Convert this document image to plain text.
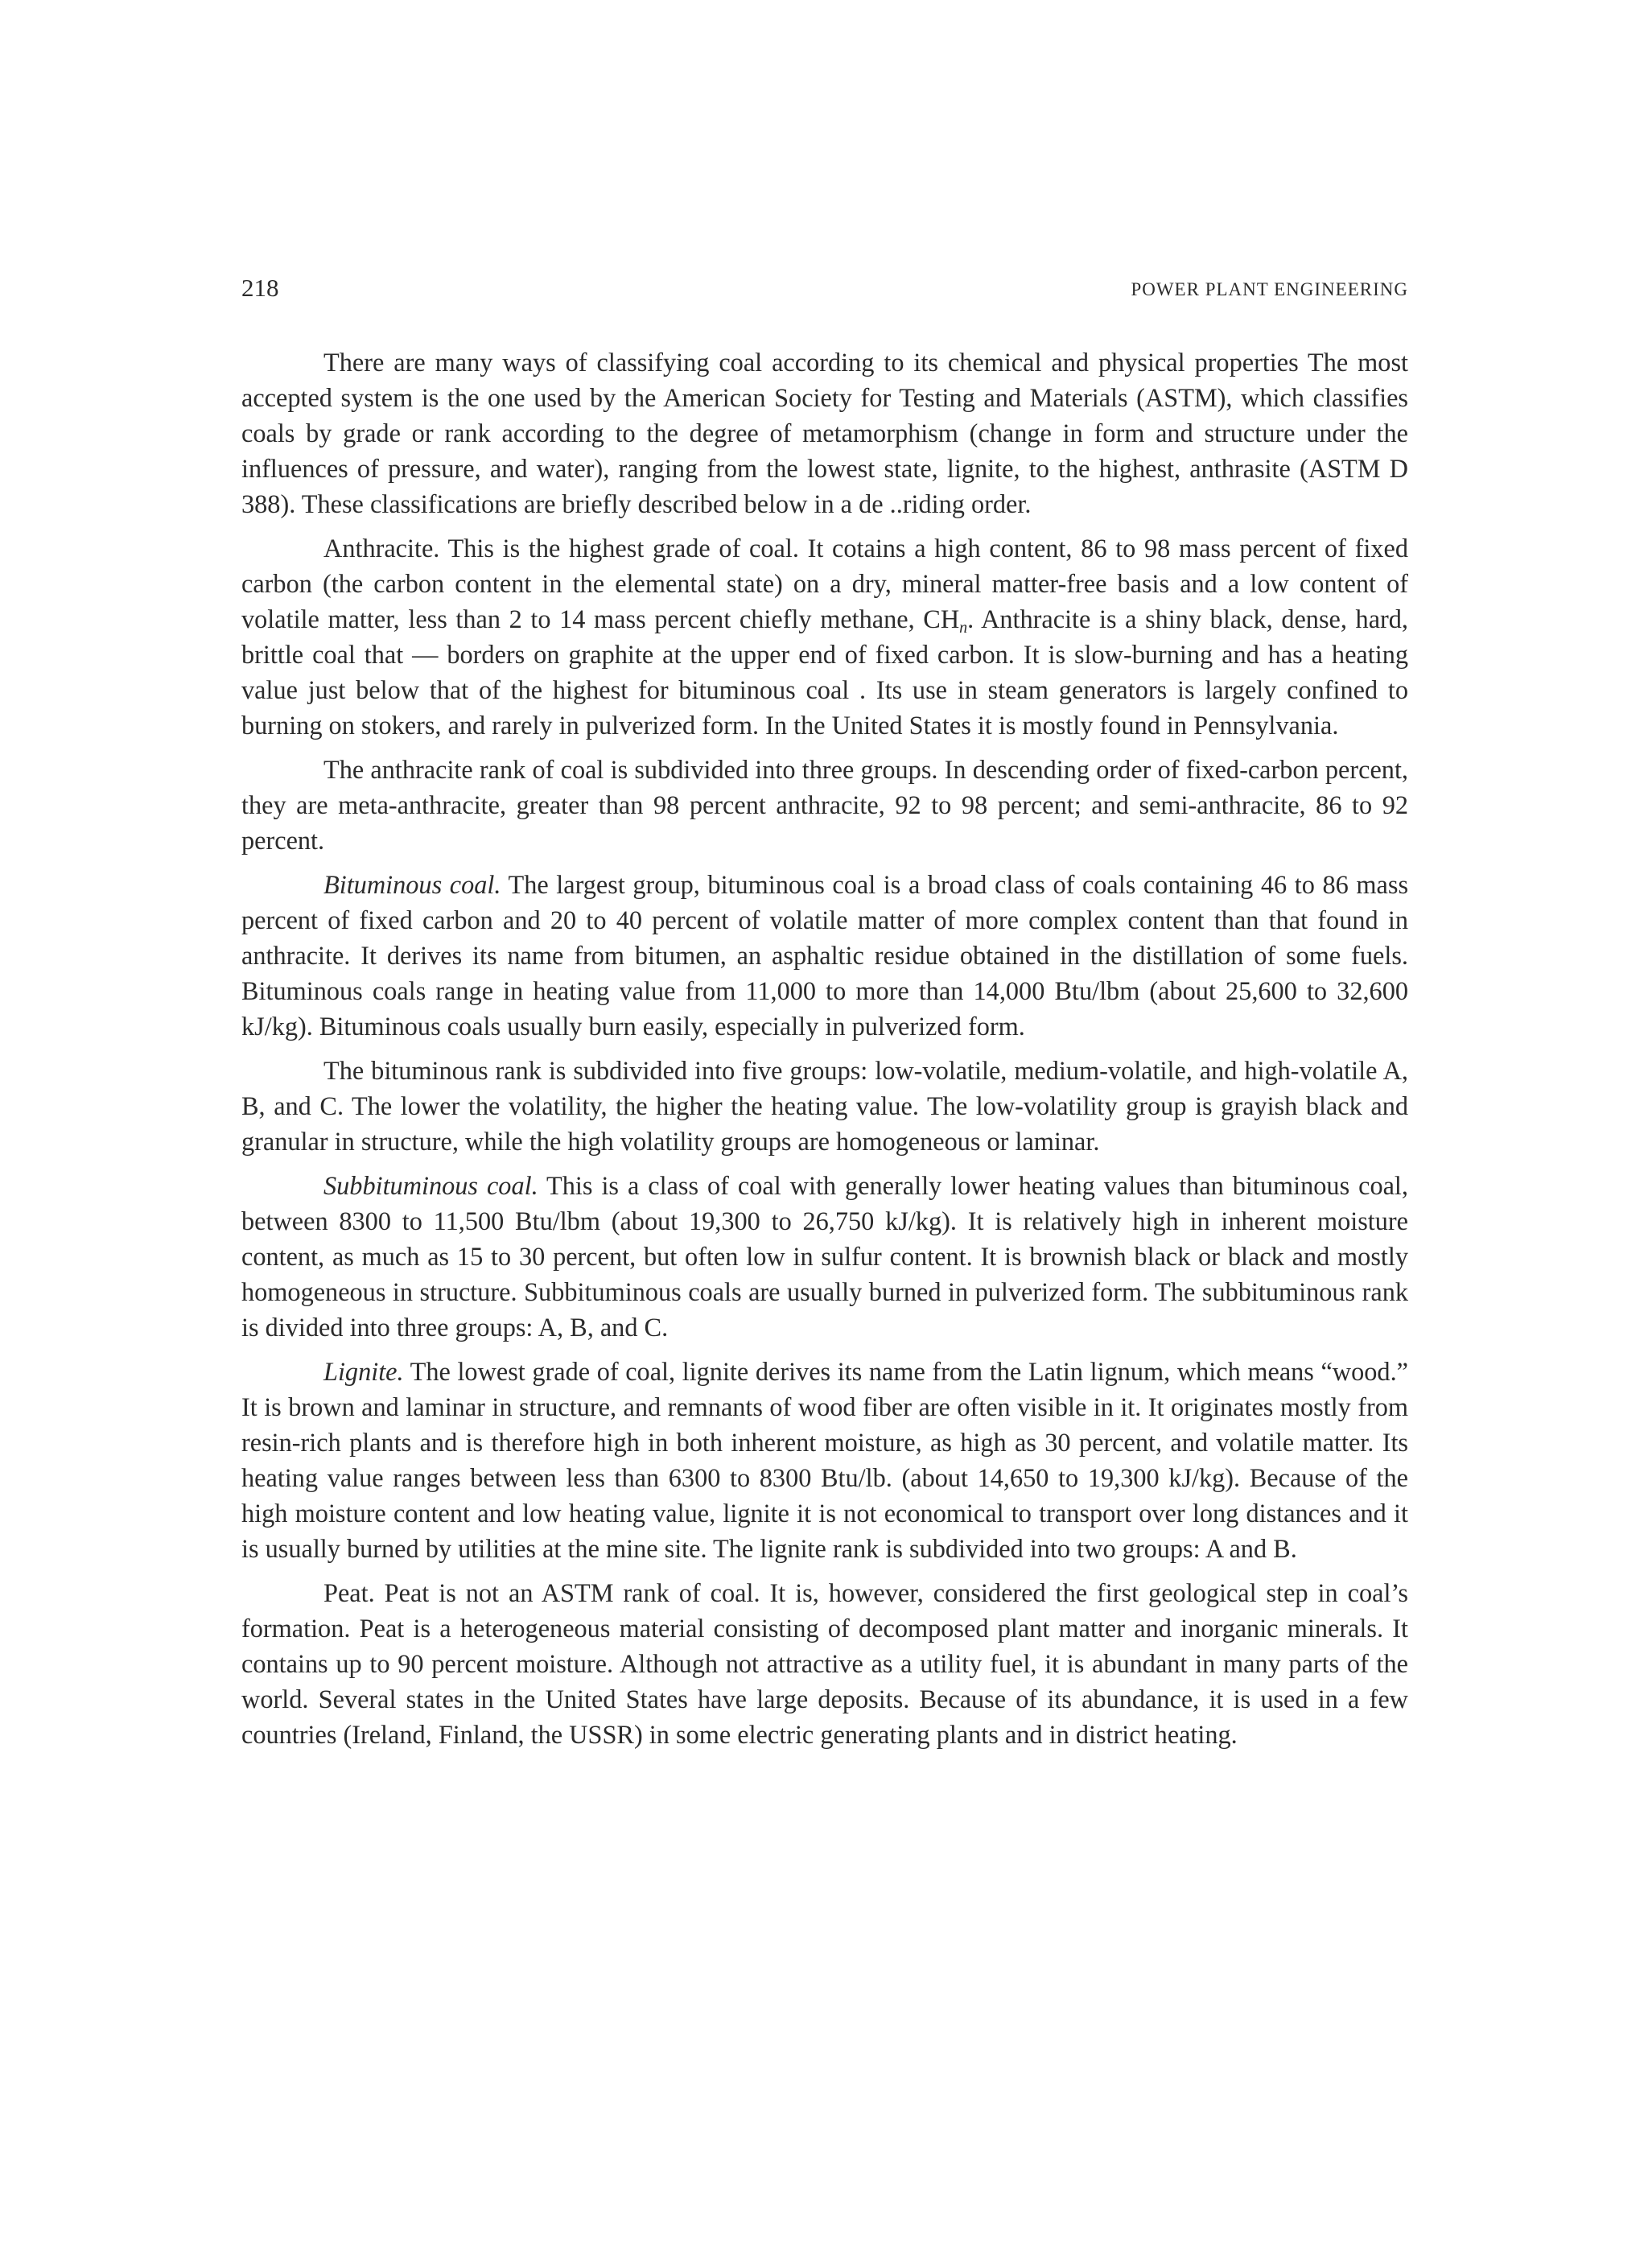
218	POWER PLANT ENGINEERING

There are many ways of classifying coal according to its chemical and physical properties The most accepted system is the one used by the American Society for Testing and Materials (ASTM), which classifies coals by grade or rank according to the degree of metamorphism (change in form and structure under the influences of pressure, and water), ranging from the lowest state, lignite, to the highest, anthrasite (ASTM D 388). These classifications are briefly described below in a de ..riding order.

Anthracite. This is the highest grade of coal. It cotains a high content, 86 to 98 mass percent of fixed carbon (the carbon content in the elemental state) on a dry, mineral matter-free basis and a low content of volatile matter, less than 2 to 14 mass percent chiefly methane, $CH_n$. Anthracite is a shiny black, dense, hard, brittle coal that — borders on graphite at the upper end of fixed carbon. It is slow-burning and has a heating value just below that of the highest for bituminous coal . Its use in steam generators is largely confined to burning on stokers, and rarely in pulverized form. In the United States it is mostly found in Pennsylvania.

The anthracite rank of coal is subdivided into three groups. In descending order of fixed-carbon percent, they are meta-anthracite, greater than 98 percent anthracite, 92 to 98 percent; and semi-anthracite, 86 to 92 percent.

Bituminous coal. The largest group, bituminous coal is a broad class of coals containing 46 to 86 mass percent of fixed carbon and 20 to 40 percent of volatile matter of more complex content than that found in anthracite. It derives its name from bitumen, an asphaltic residue obtained in the distillation of some fuels. Bituminous coals range in heating value from 11,000 to more than 14,000 Btu/lbm (about 25,600 to 32,600 kJ/kg). Bituminous coals usually burn easily, especially in pulverized form.

The bituminous rank is subdivided into five groups: low-volatile, medium-volatile, and high-volatile A, B, and C. The lower the volatility, the higher the heating value. The low-volatility group is grayish black and granular in structure, while the high volatility groups are homogeneous or laminar.

Subbituminous coal. This is a class of coal with generally lower heating values than bituminous coal, between 8300 to 11,500 Btu/lbm (about 19,300 to 26,750 kJ/kg). It is relatively high in inherent moisture content, as much as 15 to 30 percent, but often low in sulfur content. It is brownish black or black and mostly homogeneous in structure. Subbituminous coals are usually burned in pulverized form. The subbituminous rank is divided into three groups: A, B, and C.

Lignite. The lowest grade of coal, lignite derives its name from the Latin lignum, which means “wood.” It is brown and laminar in structure, and remnants of wood fiber are often visible in it. It originates mostly from resin-rich plants and is therefore high in both inherent moisture, as high as 30 percent, and volatile matter. Its heating value ranges between less than 6300 to 8300 Btu/lb. (about 14,650 to 19,300 kJ/kg). Because of the high moisture content and low heating value, lignite it is not economical to transport over long distances and it is usually burned by utilities at the mine site. The lignite rank is subdivided into two groups: A and B.

Peat. Peat is not an ASTM rank of coal. It is, however, considered the first geological step in coal’s formation. Peat is a heterogeneous material consisting of decomposed plant matter and inorganic minerals. It contains up to 90 percent moisture. Although not attractive as a utility fuel, it is abundant in many parts of the world. Several states in the United States have large deposits. Because of its abundance, it is used in a few countries (Ireland, Finland, the USSR) in some electric generating plants and in district heating.
